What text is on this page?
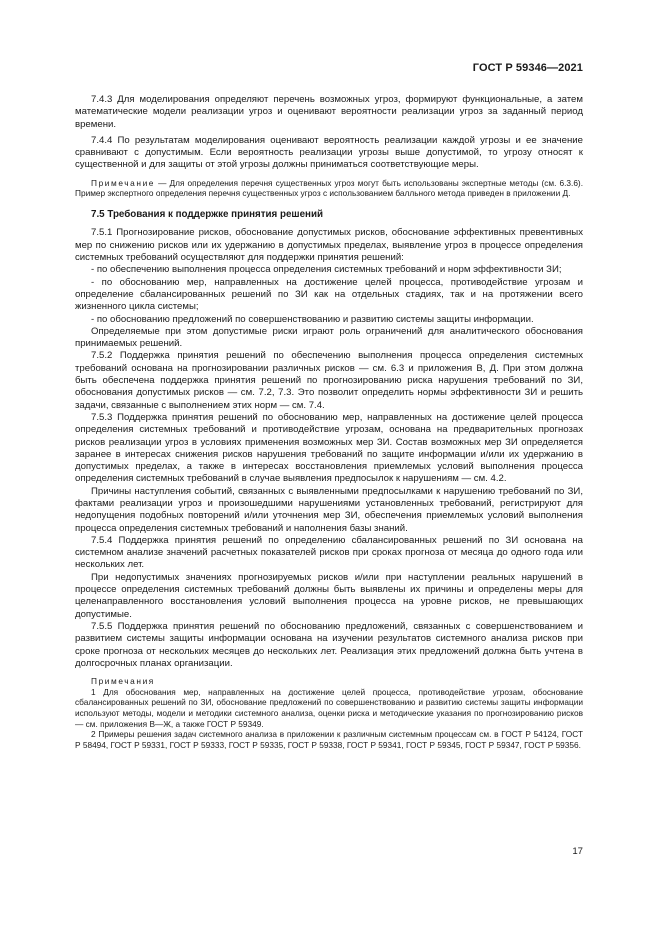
ГОСТ Р 59346—2021

7.4.3 Для моделирования определяют перечень возможных угроз, формируют функциональные, а затем математические модели реализации угроз и оценивают вероятности реализации угроз за заданный период времени.

7.4.4 По результатам моделирования оценивают вероятность реализации каждой угрозы и ее значение сравнивают с допустимым. Если вероятность реализации угрозы выше допустимой, то угрозу относят к существенной и для защиты от этой угрозы должны приниматься соответствующие меры.

Примечание — Для определения перечня существенных угроз могут быть использованы экспертные методы (см. 6.3.6). Пример экспертного определения перечня существенных угроз с использованием балльного метода приведен в приложении Д.

7.5 Требования к поддержке принятия решений

7.5.1 Прогнозирование рисков, обоснование допустимых рисков, обоснование эффективных превентивных мер по снижению рисков или их удержанию в допустимых пределах, выявление угроз в процессе определения системных требований осуществляют для поддержки принятия решений:

- по обеспечению выполнения процесса определения системных требований и норм эффективности ЗИ;

- по обоснованию мер, направленных на достижение целей процесса, противодействие угрозам и определение сбалансированных решений по ЗИ как на отдельных стадиях, так и на протяжении всего жизненного цикла системы;

- по обоснованию предложений по совершенствованию и развитию системы защиты информации.

Определяемые при этом допустимые риски играют роль ограничений для аналитического обоснования принимаемых решений.

7.5.2 Поддержка принятия решений по обеспечению выполнения процесса определения системных требований основана на прогнозировании различных рисков — см. 6.3 и приложения В, Д. При этом должна быть обеспечена поддержка принятия решений по прогнозированию риска нарушения требований по ЗИ, обоснования допустимых рисков — см. 7.2, 7.3. Это позволит определить нормы эффективности ЗИ и решить задачи, связанные с выполнением этих норм — см. 7.4.

7.5.3 Поддержка принятия решений по обоснованию мер, направленных на достижение целей процесса определения системных требований и противодействие угрозам, основана на предварительных прогнозах рисков реализации угроз в условиях применения возможных мер ЗИ. Состав возможных мер ЗИ определяется заранее в интересах снижения рисков нарушения требований по защите информации и/или их удержанию в допустимых пределах, а также в интересах восстановления приемлемых условий выполнения процесса определения системных требований в случае выявления предпосылок к нарушениям — см. 4.2.

Причины наступления событий, связанных с выявленными предпосылками к нарушению требований по ЗИ, фактами реализации угроз и произошедшими нарушениями установленных требований, регистрируют для недопущения подобных повторений и/или уточнения мер ЗИ, обеспечения приемлемых условий выполнения процесса определения системных требований и наполнения базы знаний.

7.5.4 Поддержка принятия решений по определению сбалансированных решений по ЗИ основана на системном анализе значений расчетных показателей рисков при сроках прогноза от месяца до одного года или нескольких лет.

При недопустимых значениях прогнозируемых рисков и/или при наступлении реальных нарушений в процессе определения системных требований должны быть выявлены их причины и определены меры для целенаправленного восстановления условий выполнения процесса на уровне рисков, не превышающих допустимые.

7.5.5 Поддержка принятия решений по обоснованию предложений, связанных с совершенствованием и развитием системы защиты информации основана на изучении результатов системного анализа рисков при сроке прогноза от нескольких месяцев до нескольких лет. Реализация этих предложений должна быть учтена в долгосрочных планах организации.

Примечания

1 Для обоснования мер, направленных на достижение целей процесса, противодействие угрозам, обоснование сбалансированных решений по ЗИ, обоснование предложений по совершенствованию и развитию системы защиты информации используют методы, модели и методики системного анализа, оценки риска и методические указания по прогнозированию рисков — см. приложения В—Ж, а также ГОСТ Р 59349.

2 Примеры решения задач системного анализа в приложении к различным системным процессам см. в ГОСТ Р 54124, ГОСТ Р 58494, ГОСТ Р 59331, ГОСТ Р 59333, ГОСТ Р 59335, ГОСТ Р 59338, ГОСТ Р 59341, ГОСТ Р 59345, ГОСТ Р 59347, ГОСТ Р 59356.

17
